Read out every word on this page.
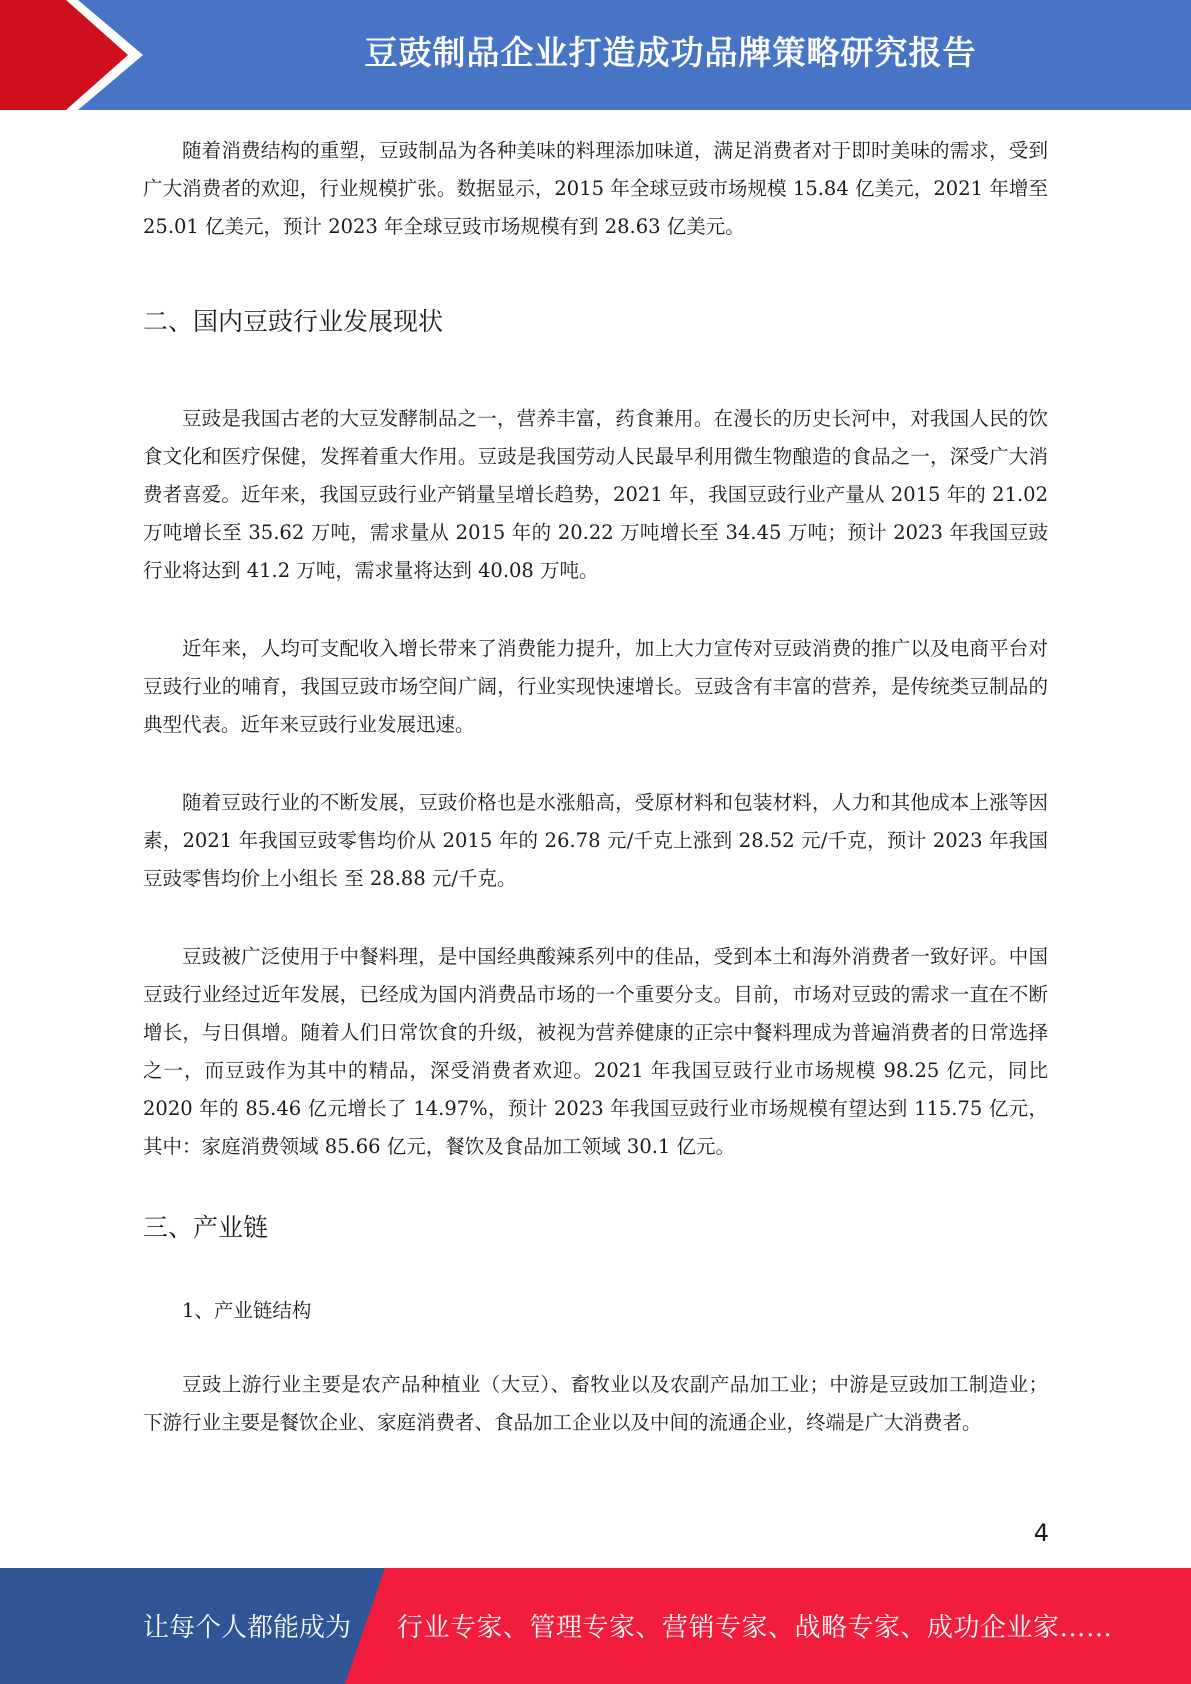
豆豉制品企业打造成功品牌策略研究报告

随着消费结构的重塑，豆豉制品为各种美味的料理添加味道，满足消费者对于即时美味的需求，受到广大消费者的欢迎，行业规模扩张。数据显示，2015 年全球豆豉市场规模 15.84 亿美元，2021 年增至 25.01 亿美元，预计 2023 年全球豆豉市场规模有到 28.63 亿美元。

二、国内豆豉行业发展现状

豆豉是我国古老的大豆发酵制品之一，营养丰富，药食兼用。在漫长的历史长河中，对我国人民的饮食文化和医疗保健，发挥着重大作用。豆豉是我国劳动人民最早利用微生物酿造的食品之一，深受广大消费者喜爱。近年来，我国豆豉行业产销量呈增长趋势，2021 年，我国豆豉行业产量从 2015 年的 21.02 万吨增长至 35.62 万吨，需求量从 2015 年的 20.22 万吨增长至 34.45 万吨；预计 2023 年我国豆豉行业将达到 41.2 万吨，需求量将达到 40.08 万吨。

近年来，人均可支配收入增长带来了消费能力提升，加上大力宣传对豆豉消费的推广以及电商平台对豆豉行业的哺育，我国豆豉市场空间广阔，行业实现快速增长。豆豉含有丰富的营养，是传统类豆制品的典型代表。近年来豆豉行业发展迅速。

随着豆豉行业的不断发展，豆豉价格也是水涨船高，受原材料和包装材料，人力和其他成本上涨等因素，2021 年我国豆豉零售均价从 2015 年的 26.78 元/千克上涨到 28.52 元/千克，预计 2023 年我国豆豉零售均价上小组长 至 28.88 元/千克。

豆豉被广泛使用于中餐料理，是中国经典酸辣系列中的佳品，受到本土和海外消费者一致好评。中国豆豉行业经过近年发展，已经成为国内消费品市场的一个重要分支。目前，市场对豆豉的需求一直在不断增长，与日俱增。随着人们日常饮食的升级，被视为营养健康的正宗中餐料理成为普遍消费者的日常选择之一，而豆豉作为其中的精品，深受消费者欢迎。2021 年我国豆豉行业市场规模 98.25 亿元，同比 2020 年的 85.46 亿元增长了 14.97%，预计 2023 年我国豆豉行业市场规模有望达到 115.75 亿元，其中：家庭消费领域 85.66 亿元，餐饮及食品加工领域 30.1 亿元。

三、产业链

1、产业链结构

豆豉上游行业主要是农产品种植业（大豆）、畜牧业以及农副产品加工业；中游是豆豉加工制造业；下游行业主要是餐饮企业、家庭消费者、食品加工企业以及中间的流通企业，终端是广大消费者。

4
让每个人都能成为 行业专家、管理专家、营销专家、战略专家、成功企业家……
